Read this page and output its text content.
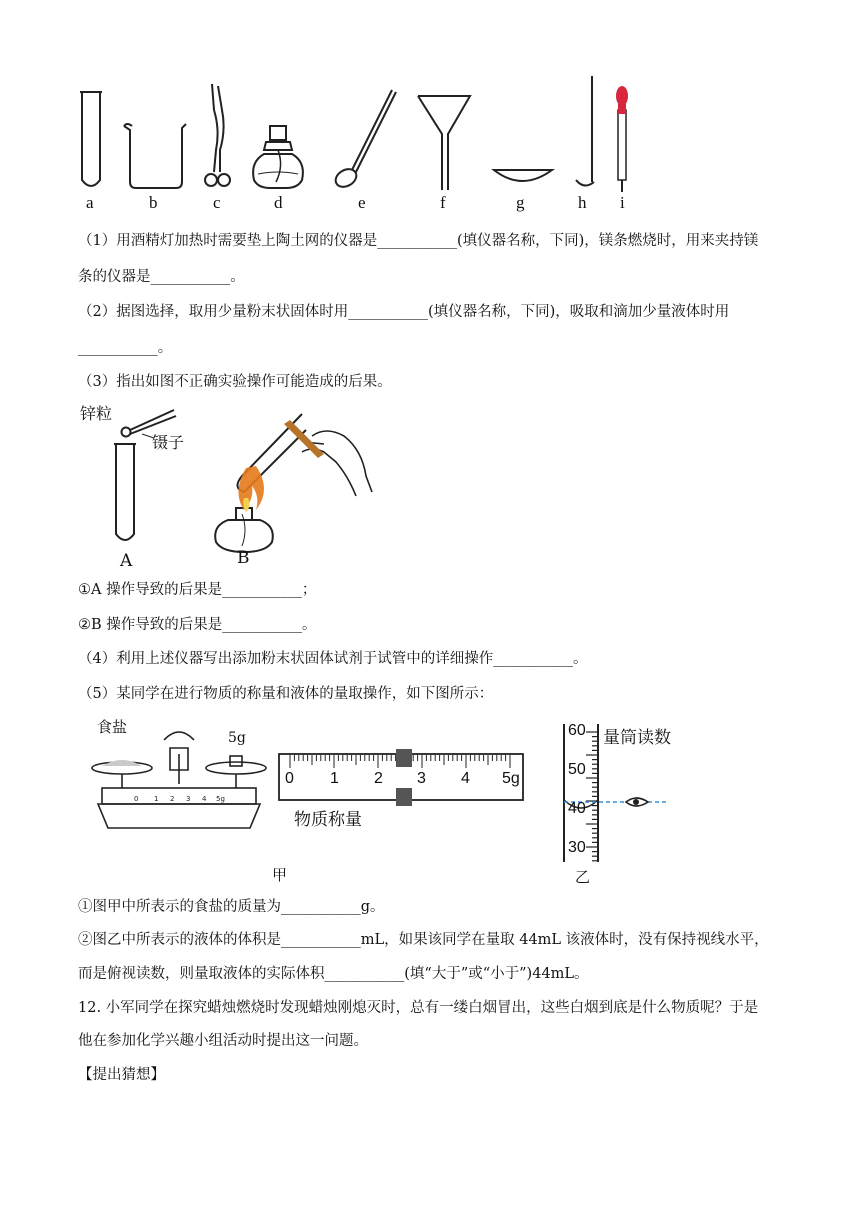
a	b	c	d	e	f	g	h i
（1）用酒精灯加热时需要垫上陶土网的仪器是___________(填仪器名称，下同)，镁条燃烧时，用来夹持镁
条的仪器是___________。
（2）据图选择，取用少量粉末状固体时用___________(填仪器名称，下同)，吸取和滴加少量液体时用
___________。
（3）指出如图不正确实验操作可能造成的后果。
锌粒
镊子
A	B
①A 操作导致的后果是___________；
②B 操作导致的后果是___________。
（4）利用上述仪器写出添加粉末状固体试剂于试管中的详细操作___________。
（5）某同学在进行物质的称量和液体的量取操作，如下图所示：
0 1 2 3 4 5g
食盐
5g
甲
0 1 2 3 4 5g
物质称量
60
50
40
30
量筒读数
乙
①图甲中所表示的食盐的质量为___________g。
②图乙中所表示的液体的体积是___________mL，如果该同学在量取 44mL 该液体时，没有保持视线水平，
而是俯视读数，则量取液体的实际体积___________(填“大于”或“小于”)44mL。
12. 小军同学在探究蜡烛燃烧时发现蜡烛刚熄灭时，总有一缕白烟冒出，这些白烟到底是什么物质呢？于是
他在参加化学兴趣小组活动时提出这一问题。
【提出猜想】
